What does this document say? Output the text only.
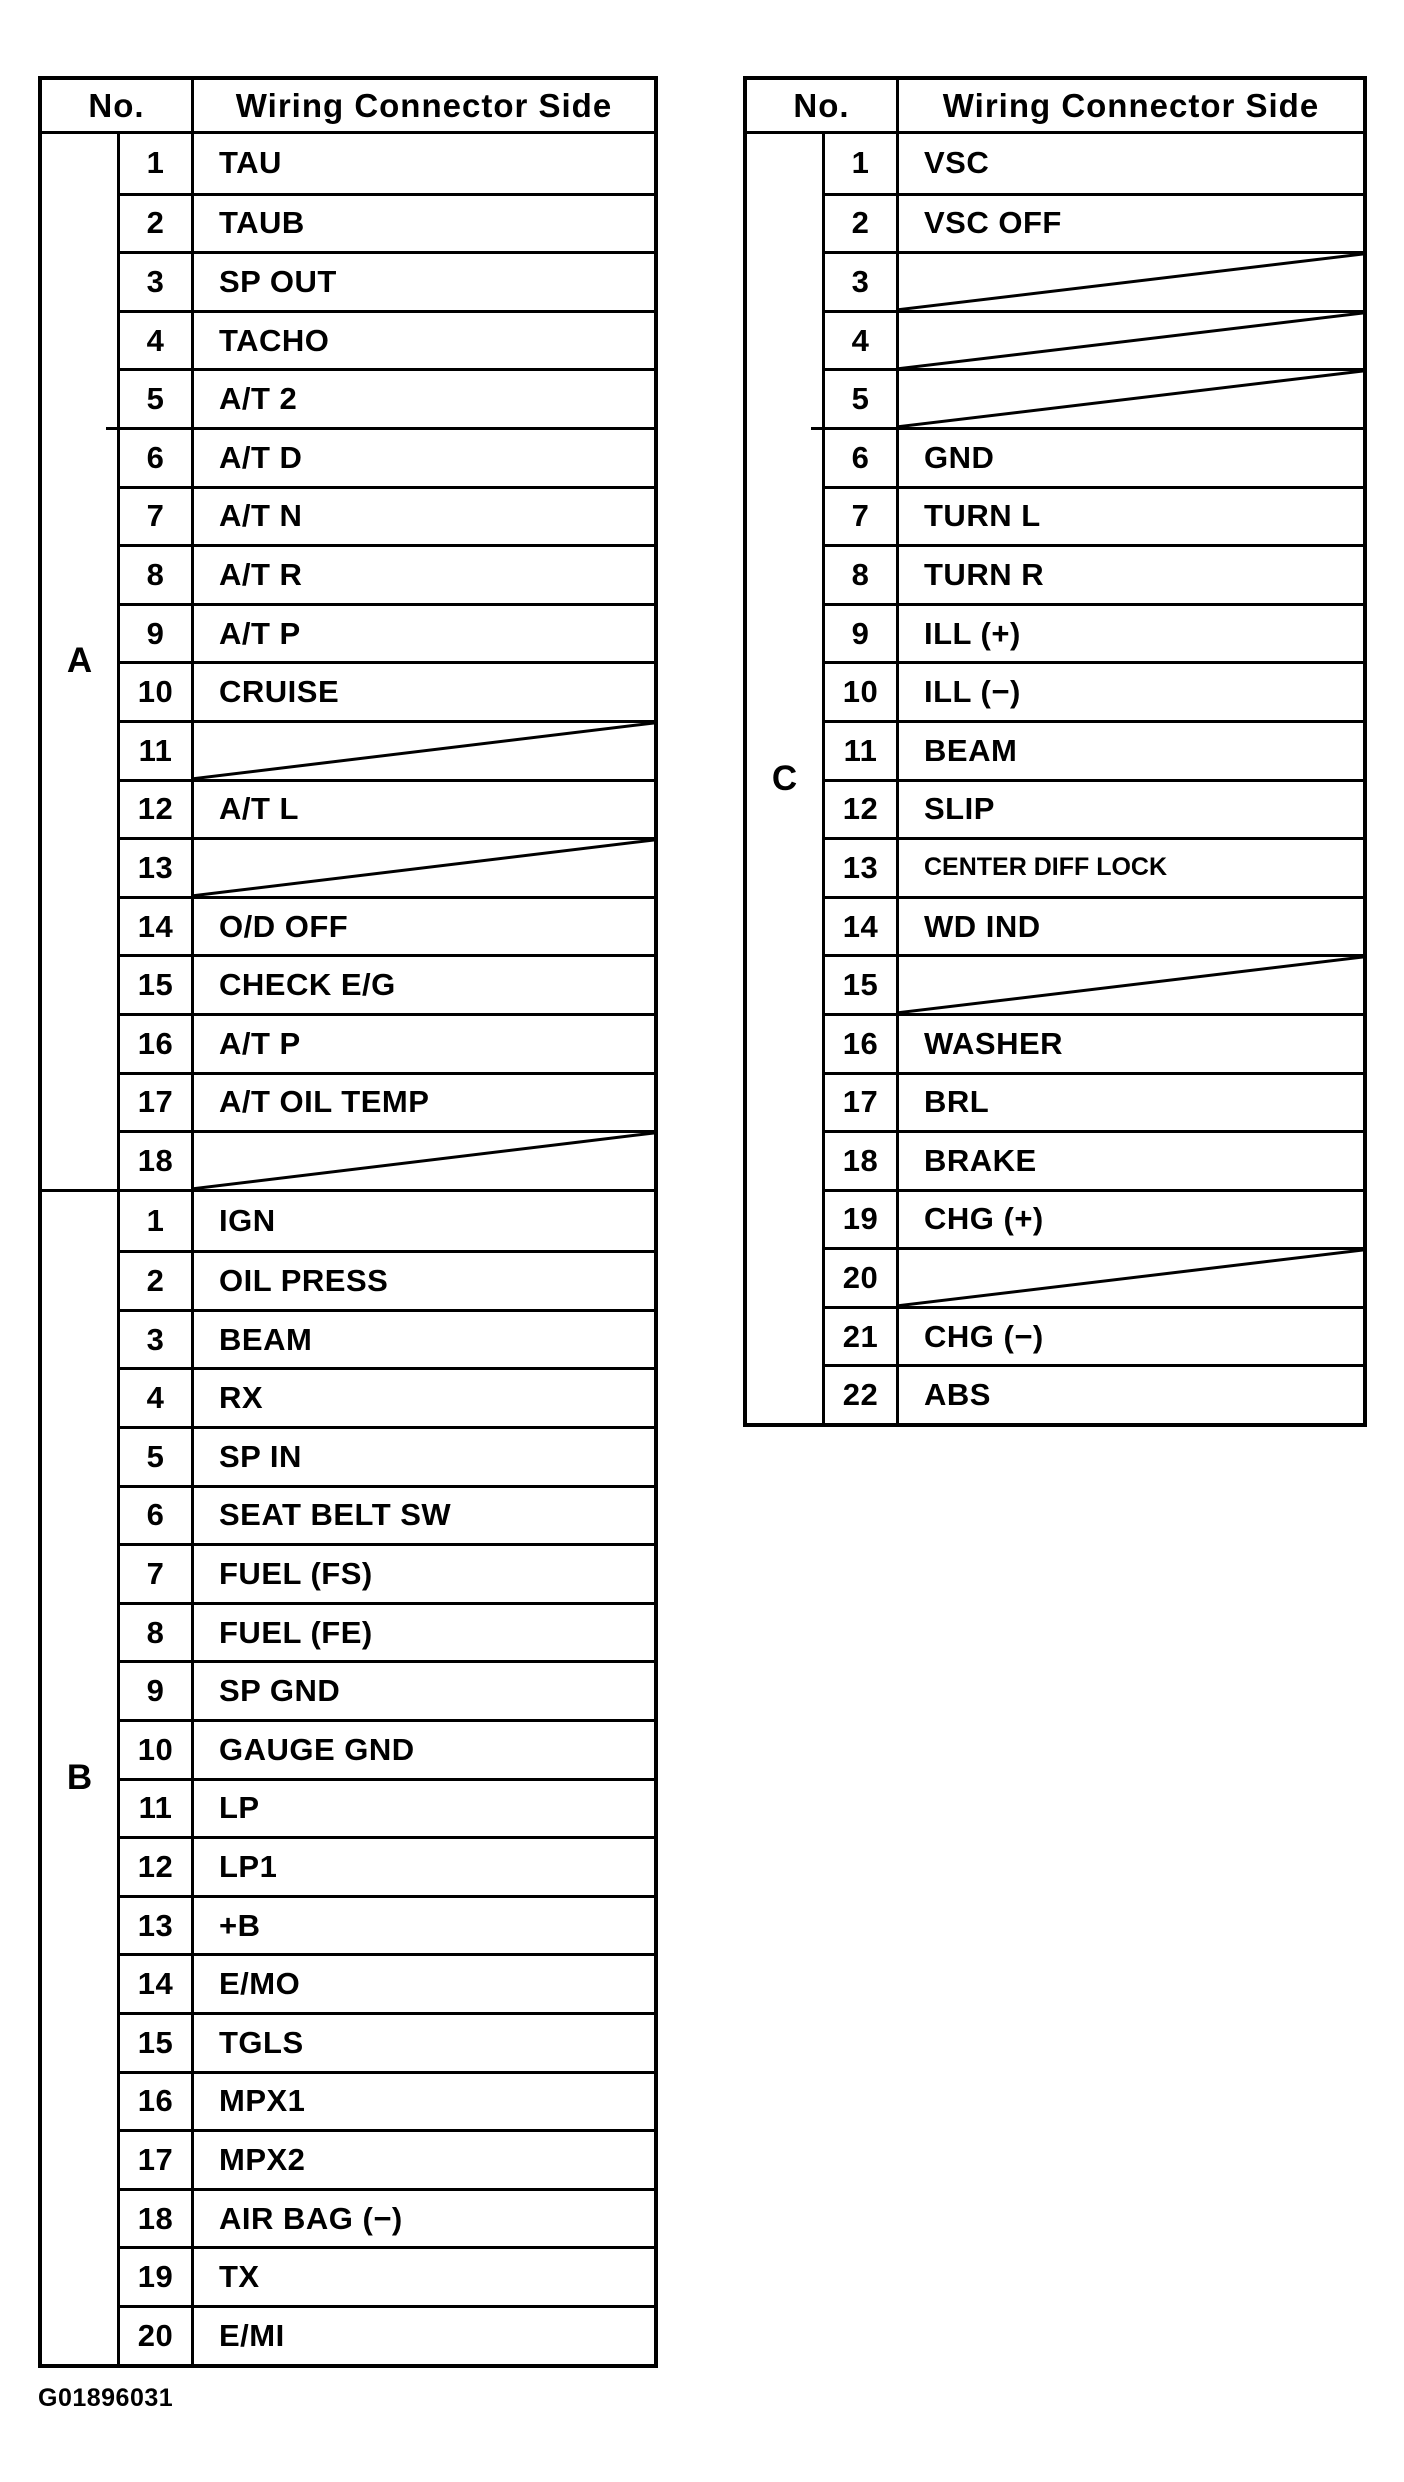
No.	Wiring Connector Side
A
1	TAU
2	TAUB
3	SP OUT
4	TACHO
5	A/T 2
6	A/T D
7	A/T N
8	A/T R
9	A/T P
10	CRUISE
11
12	A/T L
13
14	O/D OFF
15	CHECK E/G
16	A/T P
17	A/T OIL TEMP
18
B
1	IGN
2	OIL PRESS
3	BEAM
4	RX
5	SP IN
6	SEAT BELT SW
7	FUEL (FS)
8	FUEL (FE)
9	SP GND
10	GAUGE GND
11	LP
12	LP1
13	+B
14	E/MO
15	TGLS
16	MPX1
17	MPX2
18	AIR BAG (−)
19	TX
20	E/MI
No.	Wiring Connector Side
C
1	VSC
2	VSC OFF
3
4
5
6	GND
7	TURN L
8	TURN R
9	ILL (+)
10	ILL (−)
11	BEAM
12	SLIP
13	CENTER DIFF LOCK
14	WD IND
15
16	WASHER
17	BRL
18	BRAKE
19	CHG (+)
20
21	CHG (−)
22	ABS
G01896031
